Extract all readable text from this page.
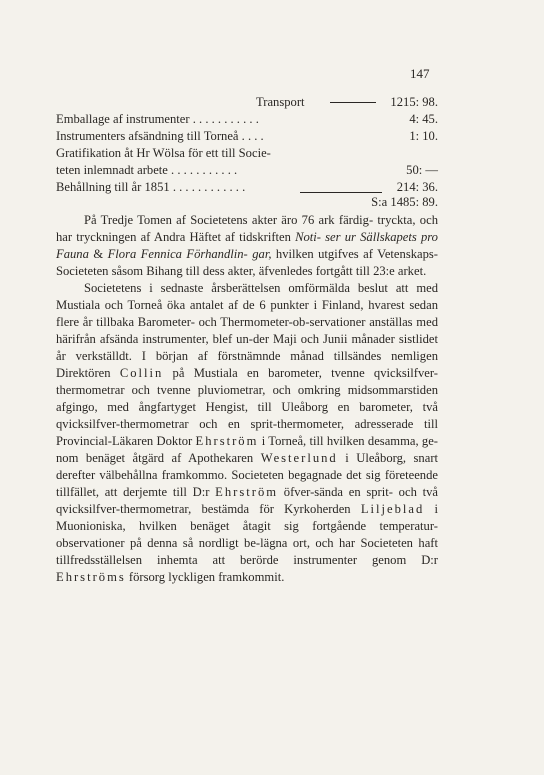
147
Transport	1215: 98.
Emballage af instrumenter . . . . . . . . . . .	4: 45.
Instrumenters afsändning till Torneå . . . .	1: 10.
Gratifikation åt Hr Wölsa för ett till Socie-
teten inlemnadt arbete . . . . . . . . . . .	50: —
Behållning till år 1851 . . . . . . . . . . . .	214: 36.
S:a 1485: 89.

På Tredje Tomen af Societetens akter äro 76 ark färdig- tryckta, och har tryckningen af Andra Häftet af tidskriften Noti- ser ur Sällskapets pro Fauna & Flora Fennica Förhandlin- gar, hvilken utgifves af Vetenskaps-Societeten såsom Bihang till dess akter, äfvenledes fortgått till 23:e arket.

Societetens i sednaste årsberättelsen omförmälda beslut att med Mustiala och Torneå öka antalet af de 6 punkter i Finland, hvarest sedan flere år tillbaka Barometer- och Thermometer-ob-servationer anställas med härifrån afsända instrumenter, blef un-der Maji och Junii månader sistlidet år verkställdt. I början af förstnämnde månad tillsändes nemligen Direktören Collin på Mustiala en barometer, tvenne qvicksilfver-thermometrar och tvenne pluviometrar, och omkring midsommarstiden afgingo, med ångfartyget Hengist, till Uleåborg en barometer, två qvicksilfver-thermometrar och en sprit-thermometer, adresserade till Provincial-Läkaren Doktor Ehrström i Torneå, till hvilken desamma, ge-nom benäget åtgärd af Apothekaren Westerlund i Uleåborg, snart derefter välbehållna framkommo. Societeten begagnade det sig företeende tillfället, att derjemte till D:r Ehrström öfver-sända en sprit- och två qvicksilfver-thermometrar, bestämda för Kyrkoherden Liljeblad i Muonioniska, hvilken benäget åtagit sig fortgående temperatur-observationer på denna så nordligt be-lägna ort, och har Societeten haft tillfredsställelsen inhemta att berörde instrumenter genom D:r Ehrströms försorg lyckligen framkommit.
